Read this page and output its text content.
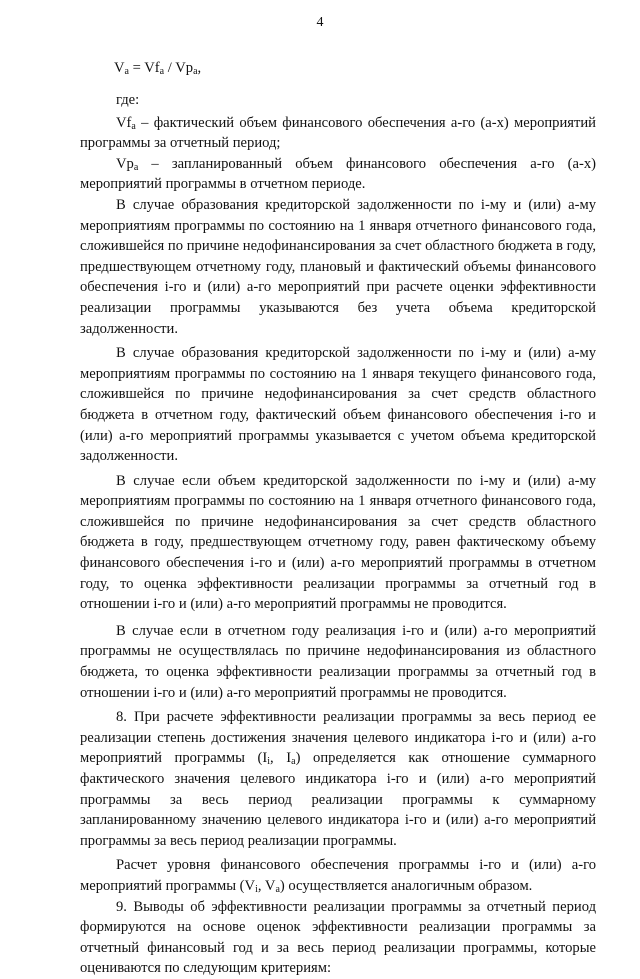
4
$V_a = Vf_a / Vp_a$,

где:

$Vf_a$ – фактический объем финансового обеспечения а-го (а-х) мероприятий программы за отчетный период;

$Vp_a$ – запланированный объем финансового обеспечения а-го (а-х) мероприятий программы в отчетном периоде.

В случае образования кредиторской задолженности по i-му и (или) а-му мероприятиям программы по состоянию на 1 января отчетного финансового года, сложившейся по причине недофинансирования за счет областного бюджета в году, предшествующем отчетному году, плановый и фактический объемы финансового обеспечения i-го и (или) а-го мероприятий при расчете оценки эффективности реализации программы указываются без учета объема кредиторской задолженности.

В случае образования кредиторской задолженности по i-му и (или) а-му мероприятиям программы по состоянию на 1 января текущего финансового года, сложившейся по причине недофинансирования за счет средств областного бюджета в отчетном году, фактический объем финансового обеспечения i-го и (или) а-го мероприятий программы указывается с учетом объема кредиторской задолженности.

В случае если объем кредиторской задолженности по i-му и (или) а-му мероприятиям программы по состоянию на 1 января отчетного финансового года, сложившейся по причине недофинансирования за счет средств областного бюджета в году, предшествующем отчетному году, равен фактическому объему финансового обеспечения i-го и (или) а-го мероприятий программы в отчетном году, то оценка эффективности реализации программы за отчетный год в отношении i-го и (или) а-го мероприятий программы не проводится.

В случае если в отчетном году реализация i-го и (или) а-го мероприятий программы не осуществлялась по причине недофинансирования из областного бюджета, то оценка эффективности реализации программы за отчетный год в отношении i-го и (или) а-го мероприятий программы не проводится.

8. При расчете эффективности реализации программы за весь период ее реализации степень достижения значения целевого индикатора i-го и (или) а-го мероприятий программы ($I_i$, $I_a$) определяется как отношение суммарного фактического значения целевого индикатора i-го и (или) а-го мероприятий программы за весь период реализации программы к суммарному запланированному значению целевого индикатора i-го и (или) а-го мероприятий программы за весь период реализации программы.

Расчет уровня финансового обеспечения программы i-го и (или) а-го мероприятий программы ($V_i$, $V_a$) осуществляется аналогичным образом.

9. Выводы об эффективности реализации программы за отчетный период формируются на основе оценок эффективности реализации программы за отчетный финансовый год и за весь период реализации программы, которые оцениваются по следующим критериям:
